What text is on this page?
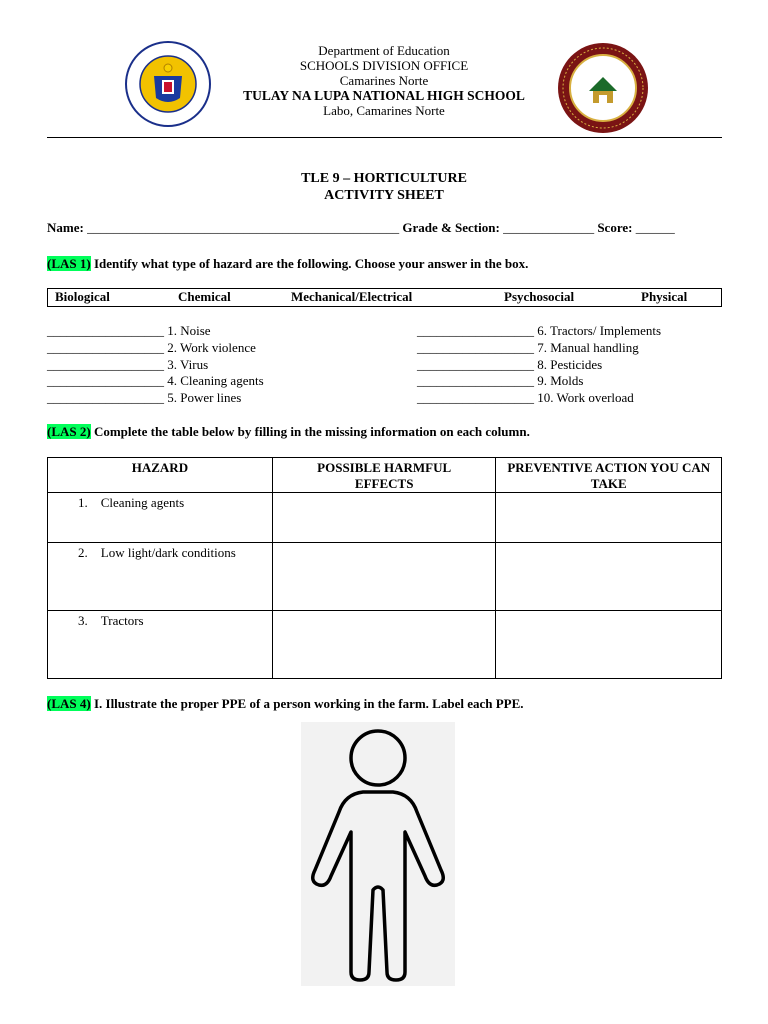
Department of Education
SCHOOLS DIVISION OFFICE
Camarines Norte
TULAY NA LUPA NATIONAL HIGH SCHOOL
Labo, Camarines Norte
TLE 9 – HORTICULTURE
ACTIVITY SHEET
Name: ________________________________________________ Grade & Section: ______________ Score: ______
(LAS 1) Identify what type of hazard are the following. Choose your answer in the box.
Biological	Chemical	Mechanical/Electrical	Psychosocial	Physical
__________________ 1. Noise
__________________ 2. Work violence
__________________ 3. Virus
__________________ 4. Cleaning agents
__________________ 5. Power lines
__________________ 6. Tractors/ Implements
__________________ 7. Manual handling
__________________ 8. Pesticides
__________________ 9. Molds
__________________ 10. Work overload
(LAS 2) Complete the table below by filling in the missing information on each column.
HAZARD	POSSIBLE HARMFUL EFFECTS	PREVENTIVE ACTION YOU CAN TAKE
1. Cleaning agents		
2. Low light/dark conditions		
3. Tractors		
(LAS 4) I. Illustrate the proper PPE of a person working in the farm. Label each PPE.
